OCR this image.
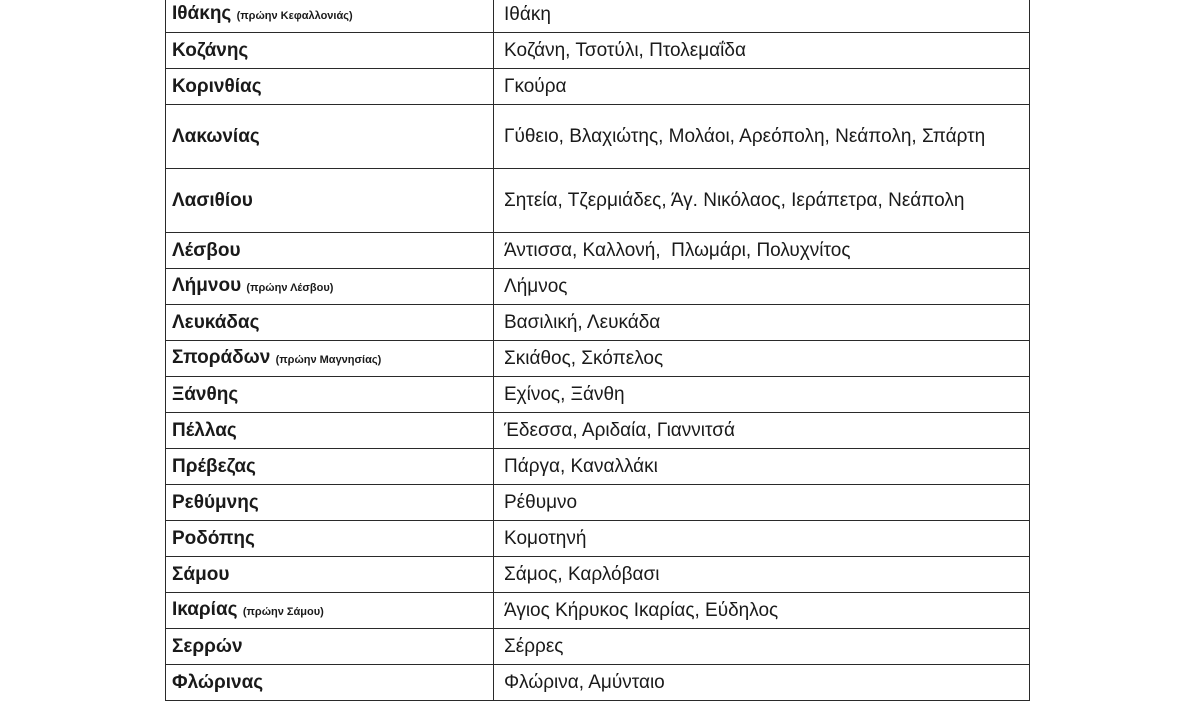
Ιθάκης (πρώην Κεφαλλονιάς)	Ιθάκη
Κοζάνης	Κοζάνη, Τσοτύλι, Πτολεμαΐδα
Κορινθίας	Γκούρα
Λακωνίας	Γύθειο, Βλαχιώτης, Μολάοι, Αρεόπολη, Νεάπολη, Σπάρτη
Λασιθίου	Σητεία, Τζερμιάδες, Άγ. Νικόλαος, Ιεράπετρα, Νεάπολη
Λέσβου	Άντισσα, Καλλονή,  Πλωμάρι, Πολυχνίτος
Λήμνου (πρώην Λέσβου)	Λήμνος
Λευκάδας	Βασιλική, Λευκάδα
Σποράδων (πρώην Μαγνησίας)	Σκιάθος, Σκόπελος
Ξάνθης	Εχίνος, Ξάνθη
Πέλλας	Έδεσσα, Αριδαία, Γιαννιτσά
Πρέβεζας	Πάργα, Καναλλάκι
Ρεθύμνης	Ρέθυμνο
Ροδόπης	Κομοτηνή
Σάμου	Σάμος, Καρλόβασι
Ικαρίας (πρώην Σάμου)	Άγιος Κήρυκος Ικαρίας, Εύδηλος
Σερρών	Σέρρες
Φλώρινας	Φλώρινα, Αμύνταιο
